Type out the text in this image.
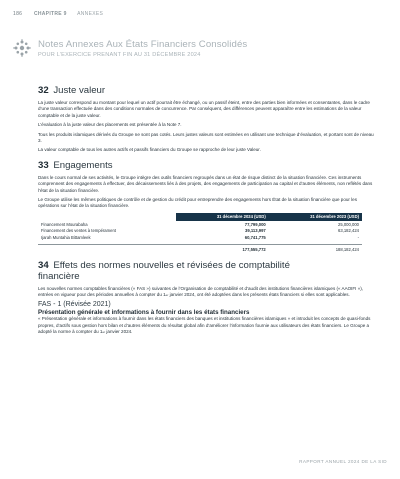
186 CHAPITRE 9 ANNEXES
Notes Annexes Aux États Financiers Consolidés
POUR L’EXERCICE PRENANT FIN AU 31 DÉCEMBRE 2024
32 Juste valeur

La juste valeur correspond au montant pour lequel un actif pourrait être échangé, ou un passif éteint, entre des parties bien informées et consentantes, dans le cadre d’une transaction effectuée dans des conditions normales de concurrence. Par conséquent, des différences peuvent apparaître entre les estimations de la valeur comptable et de la juste valeur.

L’évaluation à la juste valeur des placements est présentée à la Note 7.

Tous les produits islamiques dérivés du Groupe ne sont pas cotés. Leurs justes valeurs sont estimées en utilisant une technique d’évaluation, et portant sont de niveau 3.

La valeur comptable de tous les autres actifs et passifs financiers du Groupe se rapproche de leur juste Valeur.

33 Engagements

Dans le cours normal de ses activités, le Groupe intègre des outils financiers regroupés dans un état de risque distinct de la situation financière. Ces instruments comprennent des engagements à effectuer, des décaissements liés à des projets, des engagements de participation au capital et d’autres éléments, non reflétés dans l’état de la situation financière.

Le Groupe utilise les mêmes politiques de contrôle et de gestion du crédit pour entreprendre des engagements hors État de la situation financière que pour les opérations sur l’état de la situation financière.

	31 décembre 2024 (USD)	31 décembre 2023 (USD)
Financement Mourabaha	77,799,000	25,000,000
Financement des ventes à tempérament	39,113,997	63,182,424
Ijarah Muntahia Bittamleek	60,741,775	-

	177,555,772	188,182,424
34 Effets des normes nouvelles et révisées de comptabilité
financière

Les nouvelles normes comptables financières (« FAS ») suivantes de l’Organisation de comptabilité et d’audit des institutions financières islamiques (« AAOIFI »), entrées en vigueur pour des périodes annuelles à compter du 1er janvier 2024, ont été adoptées dans les présents états financiers si elles sont applicables.

FAS - 1 (Révisée 2021)
Présentation générale et informations à fournir dans les états financiers

« Présentation générale et informations à fournir dans les états financiers des banques et institutions financières islamiques » et introduit les concepts de quasi-fonds propres, d’actifs sous gestion hors bilan et d’autres éléments du résultat global afin d’améliorer l’information fournie aux utilisateurs des états financiers. Le Groupe a adopté la norme à compter du 1er janvier 2024.

RAPPORT ANNUEL 2024 DE LA SID
